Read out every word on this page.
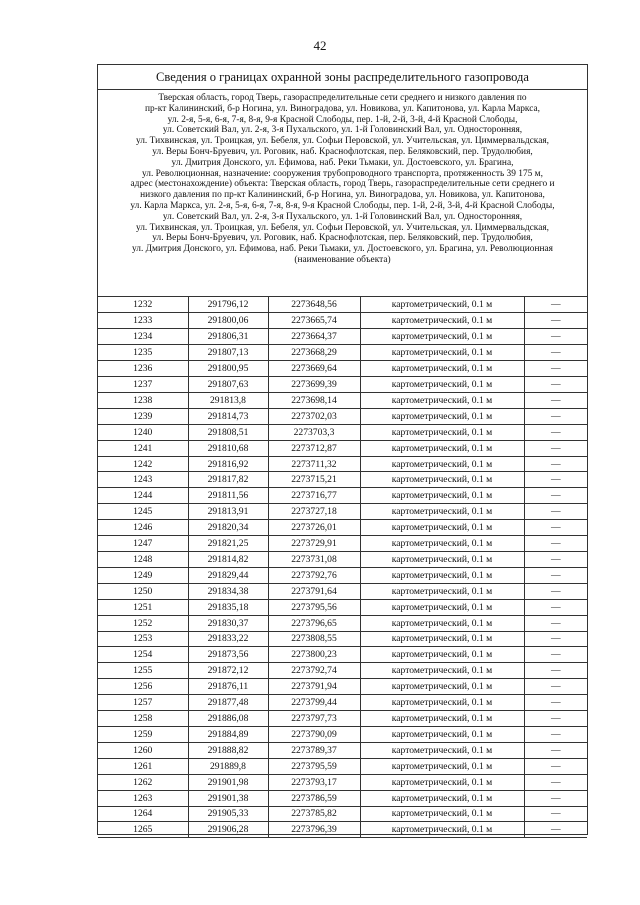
42
Сведения о границах охранной зоны распределительного газопровода
Тверская область, город Тверь, газораспределительные сети среднего и низкого давления по
пр-кт Калининский, б-р Ногина, ул. Виноградова, ул. Новикова, ул. Капитонова, ул. Карла Маркса,
ул. 2-я, 5-я, 6-я, 7-я, 8-я, 9-я Красной Слободы, пер. 1-й, 2-й, 3-й, 4-й Красной Слободы,
ул. Советский Вал, ул. 2-я, 3-я Пухальского, ул. 1-й Головинский Вал, ул. Односторонняя,
ул. Тихвинская, ул. Троицкая, ул. Бебеля, ул. Софьи Перовской, ул. Учительская, ул. Циммервальдская,
ул. Веры Бонч-Бруевич, ул. Роговик, наб. Краснофлотская, пер. Беляковский, пер. Трудолюбия,
ул. Дмитрия Донского, ул. Ефимова, наб. Реки Тьмаки, ул. Достоевского, ул. Брагина,
ул. Революционная, назначение: сооружения трубопроводного транспорта, протяженность 39 175 м,
адрес (местонахождение) объекта: Тверская область, город Тверь, газораспределительные сети среднего и
низкого давления по пр-кт Калининский, б-р Ногина, ул. Виноградова, ул. Новикова, ул. Капитонова,
ул. Карла Маркса, ул. 2-я, 5-я, 6-я, 7-я, 8-я, 9-я Красной Слободы, пер. 1-й, 2-й, 3-й, 4-й Красной Слободы,
ул. Советский Вал, ул. 2-я, 3-я Пухальского, ул. 1-й Головинский Вал, ул. Односторонняя,
ул. Тихвинская, ул. Троицкая, ул. Бебеля, ул. Софьи Перовской, ул. Учительская, ул. Циммервальдская,
ул. Веры Бонч-Бруевич, ул. Роговик, наб. Краснофлотская, пер. Беляковский, пер. Трудолюбия,
ул. Дмитрия Донского, ул. Ефимова, наб. Реки Тьмаки, ул. Достоевского, ул. Брагина, ул. Революционная
(наименование объекта)
1232	291796,12	2273648,56	картометрический, 0.1 м	—
1233	291800,06	2273665,74	картометрический, 0.1 м	—
1234	291806,31	2273664,37	картометрический, 0.1 м	—
1235	291807,13	2273668,29	картометрический, 0.1 м	—
1236	291800,95	2273669,64	картометрический, 0.1 м	—
1237	291807,63	2273699,39	картометрический, 0.1 м	—
1238	291813,8	2273698,14	картометрический, 0.1 м	—
1239	291814,73	2273702,03	картометрический, 0.1 м	—
1240	291808,51	2273703,3	картометрический, 0.1 м	—
1241	291810,68	2273712,87	картометрический, 0.1 м	—
1242	291816,92	2273711,32	картометрический, 0.1 м	—
1243	291817,82	2273715,21	картометрический, 0.1 м	—
1244	291811,56	2273716,77	картометрический, 0.1 м	—
1245	291813,91	2273727,18	картометрический, 0.1 м	—
1246	291820,34	2273726,01	картометрический, 0.1 м	—
1247	291821,25	2273729,91	картометрический, 0.1 м	—
1248	291814,82	2273731,08	картометрический, 0.1 м	—
1249	291829,44	2273792,76	картометрический, 0.1 м	—
1250	291834,38	2273791,64	картометрический, 0.1 м	—
1251	291835,18	2273795,56	картометрический, 0.1 м	—
1252	291830,37	2273796,65	картометрический, 0.1 м	—
1253	291833,22	2273808,55	картометрический, 0.1 м	—
1254	291873,56	2273800,23	картометрический, 0.1 м	—
1255	291872,12	2273792,74	картометрический, 0.1 м	—
1256	291876,11	2273791,94	картометрический, 0.1 м	—
1257	291877,48	2273799,44	картометрический, 0.1 м	—
1258	291886,08	2273797,73	картометрический, 0.1 м	—
1259	291884,89	2273790,09	картометрический, 0.1 м	—
1260	291888,82	2273789,37	картометрический, 0.1 м	—
1261	291889,8	2273795,59	картометрический, 0.1 м	—
1262	291901,98	2273793,17	картометрический, 0.1 м	—
1263	291901,38	2273786,59	картометрический, 0.1 м	—
1264	291905,33	2273785,82	картометрический, 0.1 м	—
1265	291906,28	2273796,39	картометрический, 0.1 м	—
